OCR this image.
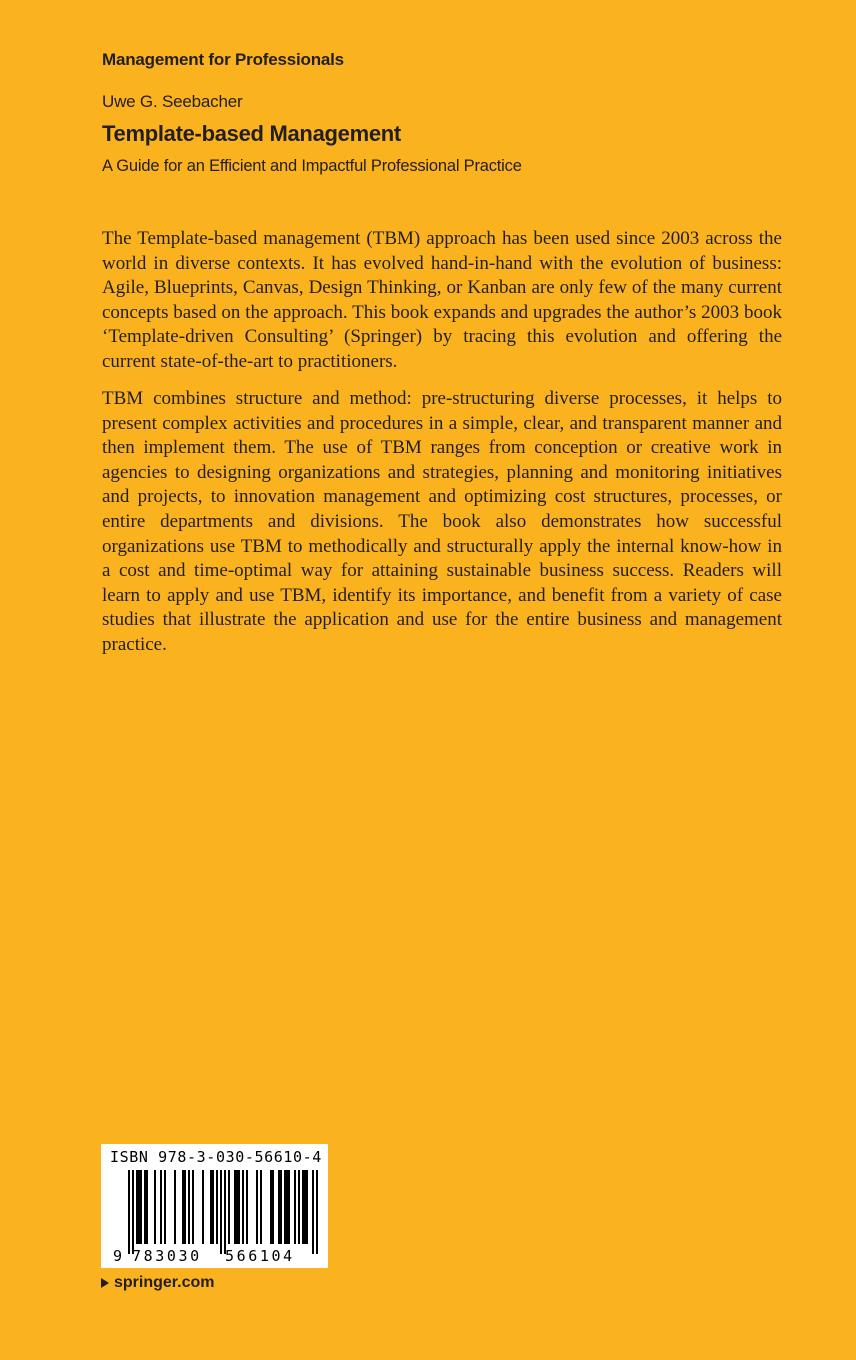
Management for Professionals
Uwe G. Seebacher
Template-based Management
A Guide for an Efficient and Impactful Professional Practice

The Template-based management (TBM) approach has been used since 2003 across the world in diverse contexts. It has evolved hand-in-hand with the evolution of business: Agile, Blueprints, Canvas, Design Thinking, or Kanban are only few of the many current concepts based on the approach. This book expands and upgrades the author’s 2003 book ‘Template-driven Consulting’ (Springer) by tracing this evolution and offering the current state-of-the-art to practitioners.

TBM combines structure and method: pre-structuring diverse processes, it helps to present complex activities and procedures in a simple, clear, and transparent manner and then implement them. The use of TBM ranges from conception or creative work in agencies to designing organizations and strategies, planning and monitoring initiatives and projects, to innovation management and optimizing cost structures, processes, or entire departments and divisions. The book also demonstrates how successful organizations use TBM to methodically and structurally apply the internal know-how in a cost and time-optimal way for attaining sustainable business success. Readers will learn to apply and use TBM, identify its importance, and benefit from a variety of case studies that illustrate the application and use for the entire business and management practice.

ISBN 978-3-030-56610-4
9 783030 566104
springer.com
